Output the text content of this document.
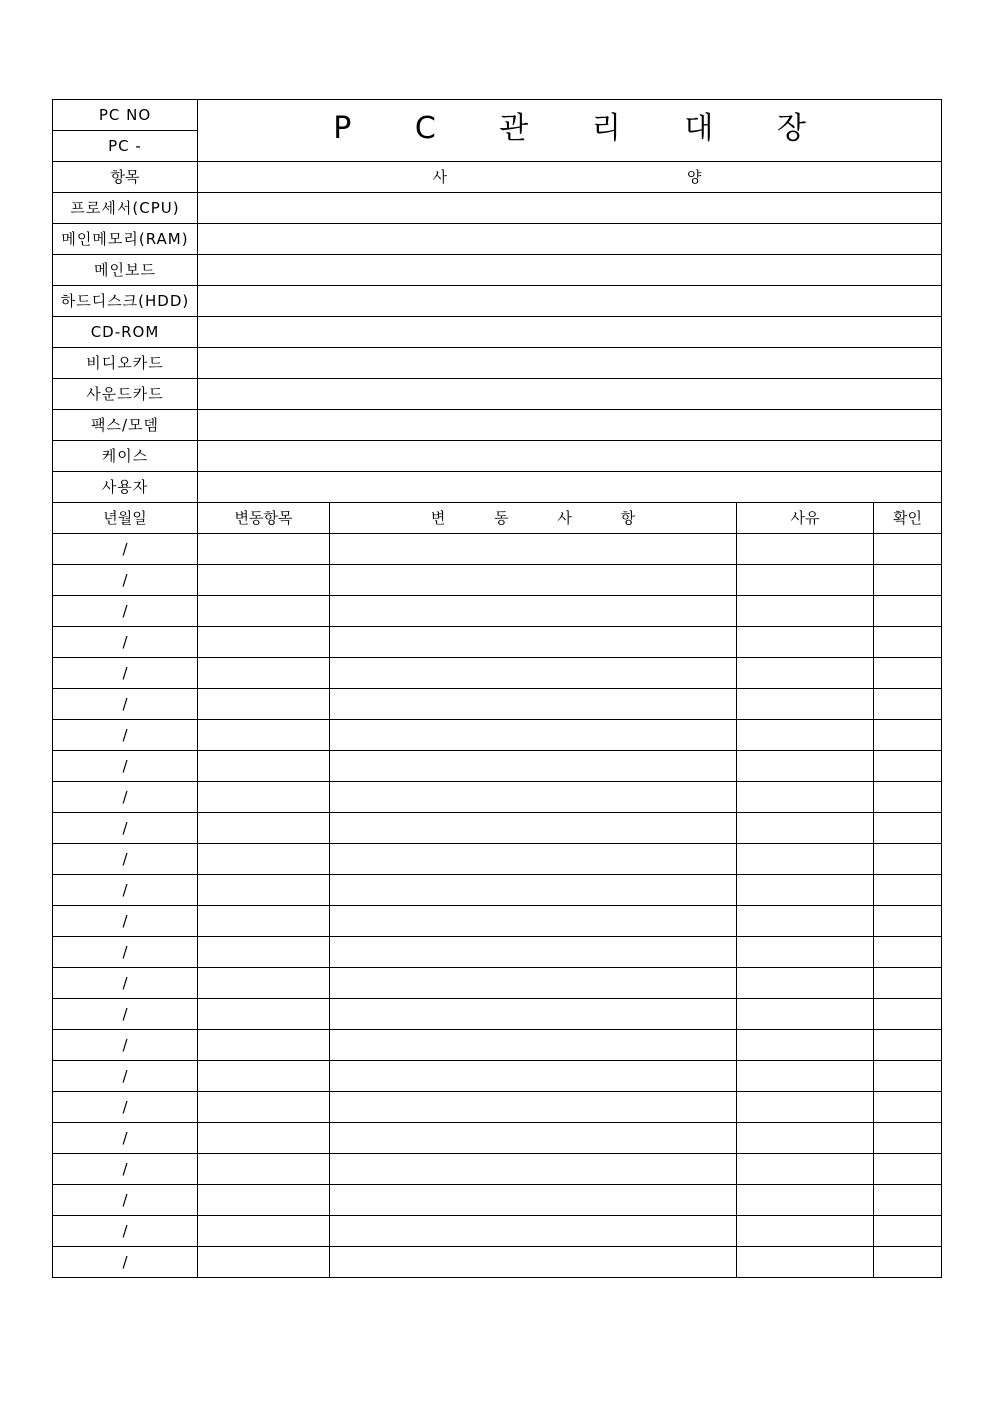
PC NO	P C 관 리 대 장			
PC -				
항목	사 양			

프로세서(CPU)				
메인메모리(RAM)				
메인보드				
하드디스크(HDD)				
CD-ROM				
비디오카드				
사운드카드				
팩스/모뎀				
케이스				
사용자				
년월일	변동항목	변 동 사 항	사유	확인
/				
/				
/				
/				
/				
/				
/				
/				
/				
/				
/				
/				
/				
/				
/				
/				
/				
/				
/				
/				
/				
/				
/				
/				
